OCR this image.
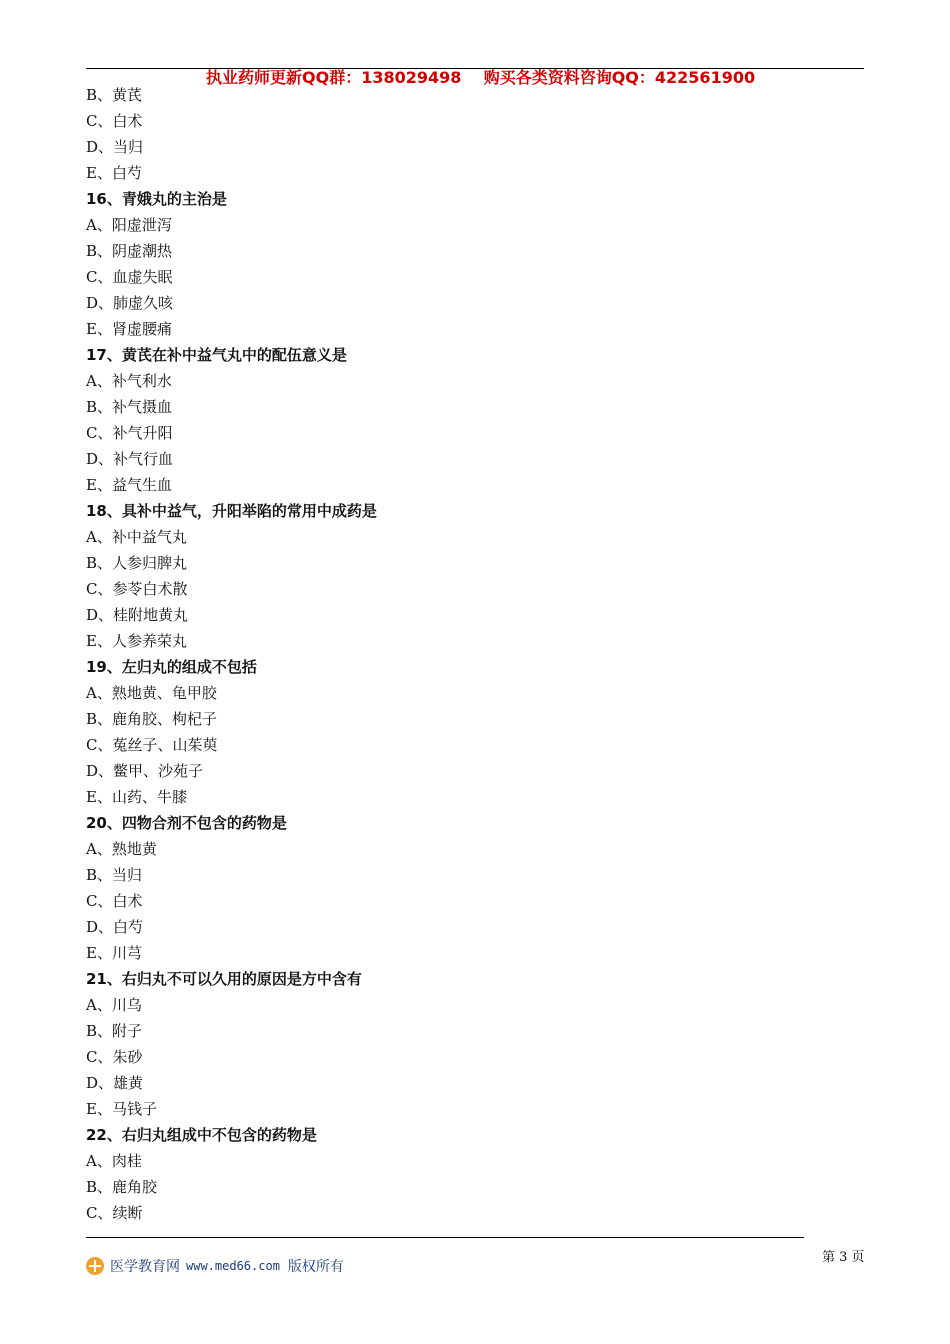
执业药师更新QQ群：138029498    购买各类资料咨询QQ：422561900

B、黄芪
C、白术
D、当归
E、白芍
16、青娥丸的主治是
A、阳虚泄泻
B、阴虚潮热
C、血虚失眠
D、肺虚久咳
E、肾虚腰痛
17、黄芪在补中益气丸中的配伍意义是
A、补气利水
B、补气摄血
C、补气升阳
D、补气行血
E、益气生血
18、具补中益气，升阳举陷的常用中成药是
A、补中益气丸
B、人参归脾丸
C、参苓白术散
D、桂附地黄丸
E、人参养荣丸
19、左归丸的组成不包括
A、熟地黄、龟甲胶
B、鹿角胶、枸杞子
C、菟丝子、山茱萸
D、鳖甲、沙苑子
E、山药、牛膝
20、四物合剂不包含的药物是
A、熟地黄
B、当归
C、白术
D、白芍
E、川芎
21、右归丸不可以久用的原因是方中含有
A、川乌
B、附子
C、朱砂
D、雄黄
E、马钱子
22、右归丸组成中不包含的药物是
A、肉桂
B、鹿角胶
C、续断
医学教育网 www.med66.com 版权所有
第 3 页
